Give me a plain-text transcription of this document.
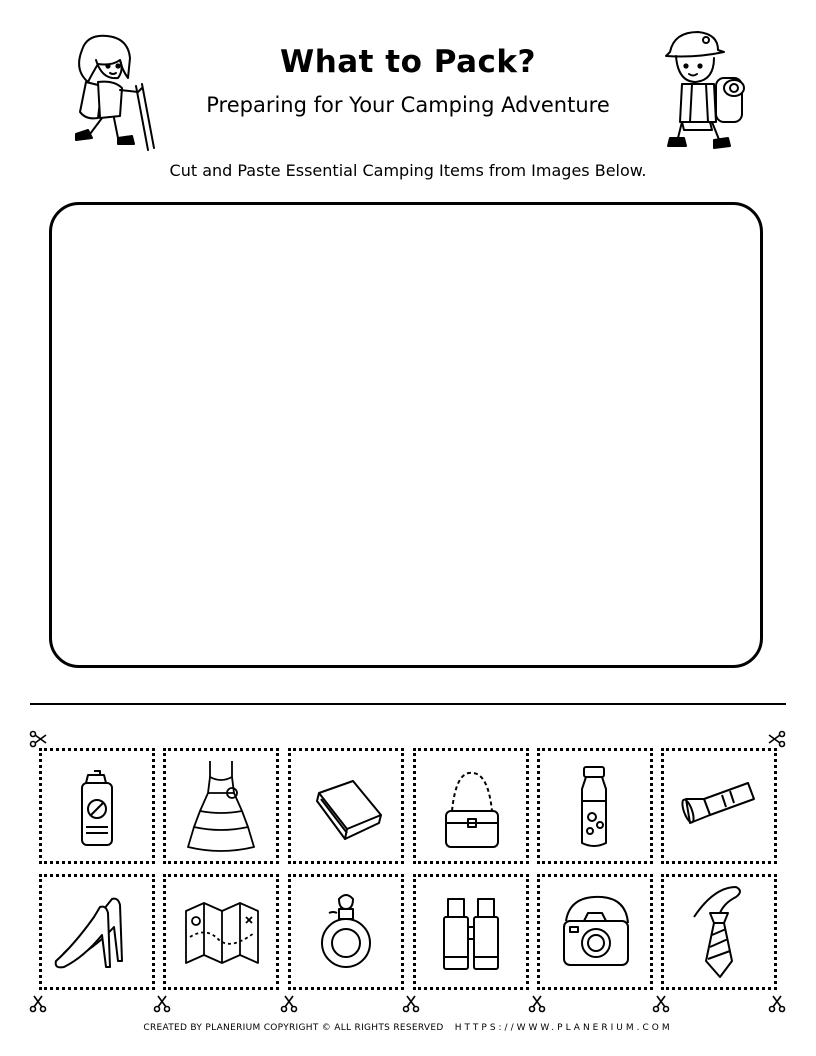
What to Pack?
Preparing for Your Camping Adventure
Cut and Paste Essential Camping Items from Images Below.
CREATED BY PLANERIUM COPYRIGHT © ALL RIGHTS RESERVED HTTPS://WWW.PLANERIUM.COM
